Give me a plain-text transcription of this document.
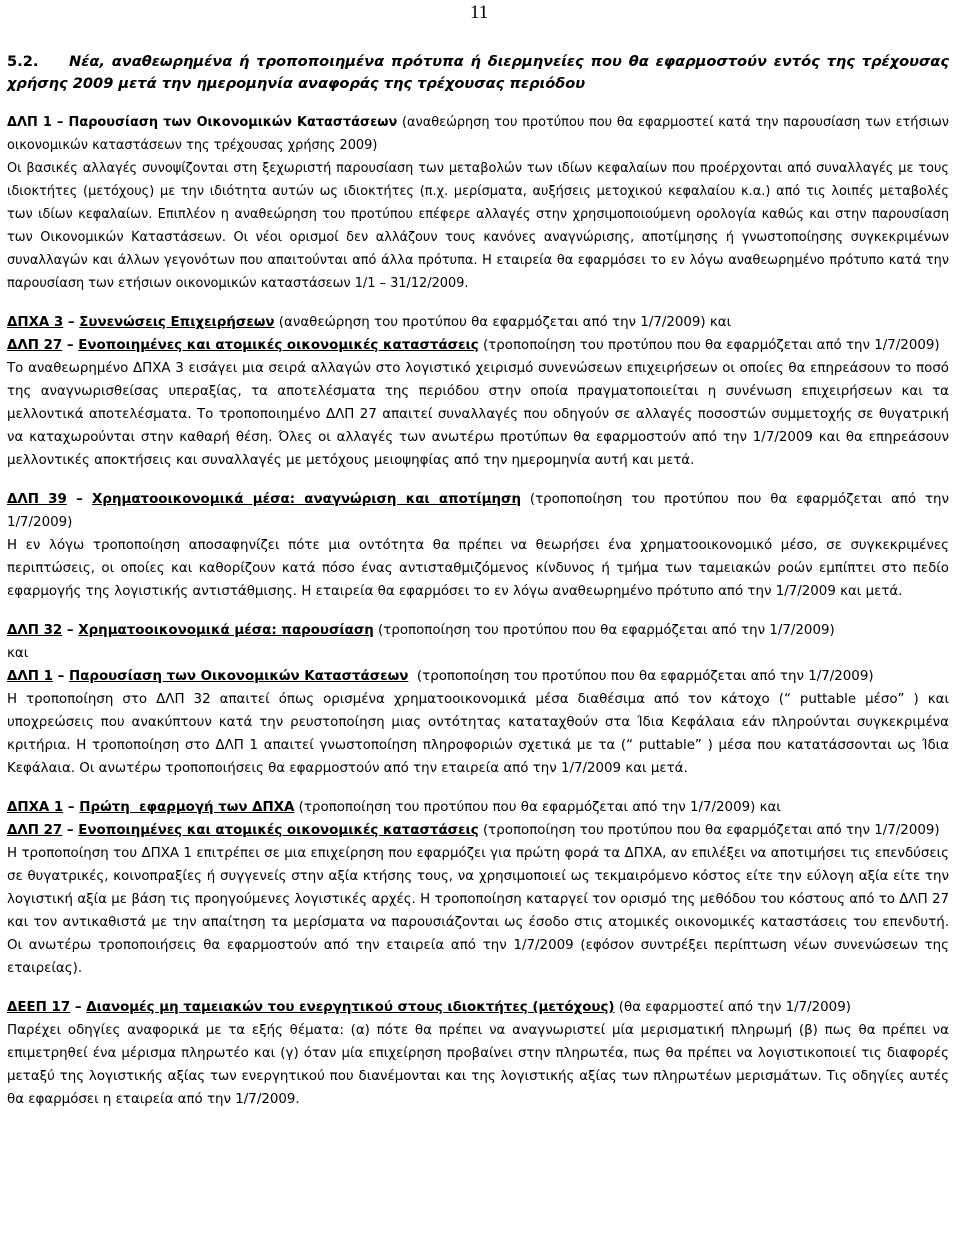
11
5.2. Νέα, αναθεωρημένα ή τροποποιημένα πρότυπα ή διερμηνείες που θα εφαρμοστούν εντός της τρέχουσας χρήσης 2009 μετά την ημερομηνία αναφοράς της τρέχουσας περιόδου

ΔΛΠ 1 – Παρουσίαση των Οικονομικών Καταστάσεων (αναθεώρηση του προτύπου που θα εφαρμοστεί κατά την παρουσίαση των ετήσιων οικονομικών καταστάσεων της τρέχουσας χρήσης 2009)

Οι βασικές αλλαγές συνοψίζονται στη ξεχωριστή παρουσίαση των μεταβολών των ιδίων κεφαλαίων που προέρχονται από συναλλαγές με τους ιδιοκτήτες (μετόχους) με την ιδιότητα αυτών ως ιδιοκτήτες (π.χ. μερίσματα, αυξήσεις μετοχικού κεφαλαίου κ.α.) από τις λοιπές μεταβολές των ιδίων κεφαλαίων. Επιπλέον η αναθεώρηση του προτύπου επέφερε αλλαγές στην χρησιμοποιούμενη ορολογία καθώς και στην παρουσίαση των Οικονομικών Καταστάσεων. Οι νέοι ορισμοί δεν αλλάζουν τους κανόνες αναγνώρισης, αποτίμησης ή γνωστοποίησης συγκεκριμένων συναλλαγών και άλλων γεγονότων που απαιτούνται από άλλα πρότυπα. Η εταιρεία θα εφαρμόσει το εν λόγω αναθεωρημένο πρότυπο κατά την παρουσίαση των ετήσιων οικονομικών καταστάσεων 1/1 – 31/12/2009.

ΔΠΧΑ 3 – Συνενώσεις Επιχειρήσεων (αναθεώρηση του προτύπου θα εφαρμόζεται από την 1/7/2009) και

ΔΛΠ 27 – Ενοποιημένες και ατομικές οικονομικές καταστάσεις (τροποποίηση του προτύπου που θα εφαρμόζεται από την 1/7/2009)

Το αναθεωρημένο ΔΠΧΑ 3 εισάγει μια σειρά αλλαγών στο λογιστικό χειρισμό συνενώσεων επιχειρήσεων οι οποίες θα επηρεάσουν το ποσό της αναγνωρισθείσας υπεραξίας, τα αποτελέσματα της περιόδου στην οποία πραγματοποιείται η συνένωση επιχειρήσεων και τα μελλοντικά αποτελέσματα. Το τροποποιημένο ΔΛΠ 27 απαιτεί συναλλαγές που οδηγούν σε αλλαγές ποσοστών συμμετοχής σε θυγατρική να καταχωρούνται στην καθαρή θέση. Όλες οι αλλαγές των ανωτέρω προτύπων θα εφαρμοστούν από την 1/7/2009 και θα επηρεάσουν μελλοντικές αποκτήσεις και συναλλαγές με μετόχους μειοψηφίας από την ημερομηνία αυτή και μετά.

ΔΛΠ 39 – Χρηματοοικονομικά μέσα: αναγνώριση και αποτίμηση (τροποποίηση του προτύπου που θα εφαρμόζεται από την 1/7/2009)

Η εν λόγω τροποποίηση αποσαφηνίζει πότε μια οντότητα θα πρέπει να θεωρήσει ένα χρηματοοικονομικό μέσο, σε συγκεκριμένες περιπτώσεις, οι οποίες και καθορίζουν κατά πόσο ένας αντισταθμιζόμενος κίνδυνος ή τμήμα των ταμειακών ροών εμπίπτει στο πεδίο εφαρμογής της λογιστικής αντιστάθμισης. Η εταιρεία θα εφαρμόσει το εν λόγω αναθεωρημένο πρότυπο από την 1/7/2009 και μετά.

ΔΛΠ 32 – Χρηματοοικονομικά μέσα: παρουσίαση (τροποποίηση του προτύπου που θα εφαρμόζεται από την 1/7/2009)

και

ΔΛΠ 1 – Παρουσίαση των Οικονομικών Καταστάσεων  (τροποποίηση του προτύπου που θα εφαρμόζεται από την 1/7/2009)

Η τροποποίηση στο ΔΛΠ 32 απαιτεί όπως ορισμένα χρηματοοικονομικά μέσα διαθέσιμα από τον κάτοχο (“ puttable μέσο” ) και υποχρεώσεις που ανακύπτουν κατά την ρευστοποίηση μιας οντότητας καταταχθούν στα Ίδια Κεφάλαια εάν πληρούνται συγκεκριμένα κριτήρια. Η τροποποίηση στο ΔΛΠ 1 απαιτεί γνωστοποίηση πληροφοριών σχετικά με τα (“ puttable” ) μέσα που κατατάσσονται ως Ίδια Κεφάλαια. Οι ανωτέρω τροποποιήσεις θα εφαρμοστούν από την εταιρεία από την 1/7/2009 και μετά.

ΔΠΧΑ 1 – Πρώτη  εφαρμογή των ΔΠΧΑ (τροποποίηση του προτύπου που θα εφαρμόζεται από την 1/7/2009) και

ΔΛΠ 27 – Ενοποιημένες και ατομικές οικονομικές καταστάσεις (τροποποίηση του προτύπου που θα εφαρμόζεται από την 1/7/2009)

Η τροποποίηση του ΔΠΧΑ 1 επιτρέπει σε μια επιχείρηση που εφαρμόζει για πρώτη φορά τα ΔΠΧΑ, αν επιλέξει να αποτιμήσει τις επενδύσεις σε θυγατρικές, κοινοπραξίες ή συγγενείς στην αξία κτήσης τους, να χρησιμοποιεί ως τεκμαιρόμενο κόστος είτε την εύλογη αξία είτε την λογιστική αξία με βάση τις προηγούμενες λογιστικές αρχές. Η τροποποίηση καταργεί τον ορισμό της μεθόδου του κόστους από το ΔΛΠ 27 και τον αντικαθιστά με την απαίτηση τα μερίσματα να παρουσιάζονται ως έσοδο στις ατομικές οικονομικές καταστάσεις του επενδυτή. Οι ανωτέρω τροποποιήσεις θα εφαρμοστούν από την εταιρεία από την 1/7/2009 (εφόσον συντρέξει περίπτωση νέων συνενώσεων της εταιρείας).

ΔΕΕΠ 17 – Διανομές μη ταμειακών του ενεργητικού στους ιδιοκτήτες (μετόχους) (θα εφαρμοστεί από την 1/7/2009)

Παρέχει οδηγίες αναφορικά με τα εξής θέματα: (α) πότε θα πρέπει να αναγνωριστεί μία μερισματική πληρωμή (β) πως θα πρέπει να επιμετρηθεί ένα μέρισμα πληρωτέο και (γ) όταν μία επιχείρηση προβαίνει στην πληρωτέα, πως θα πρέπει να λογιστικοποιεί τις διαφορές μεταξύ της λογιστικής αξίας των ενεργητικού που διανέμονται και της λογιστικής αξίας των πληρωτέων μερισμάτων. Τις οδηγίες αυτές θα εφαρμόσει η εταιρεία από την 1/7/2009.
